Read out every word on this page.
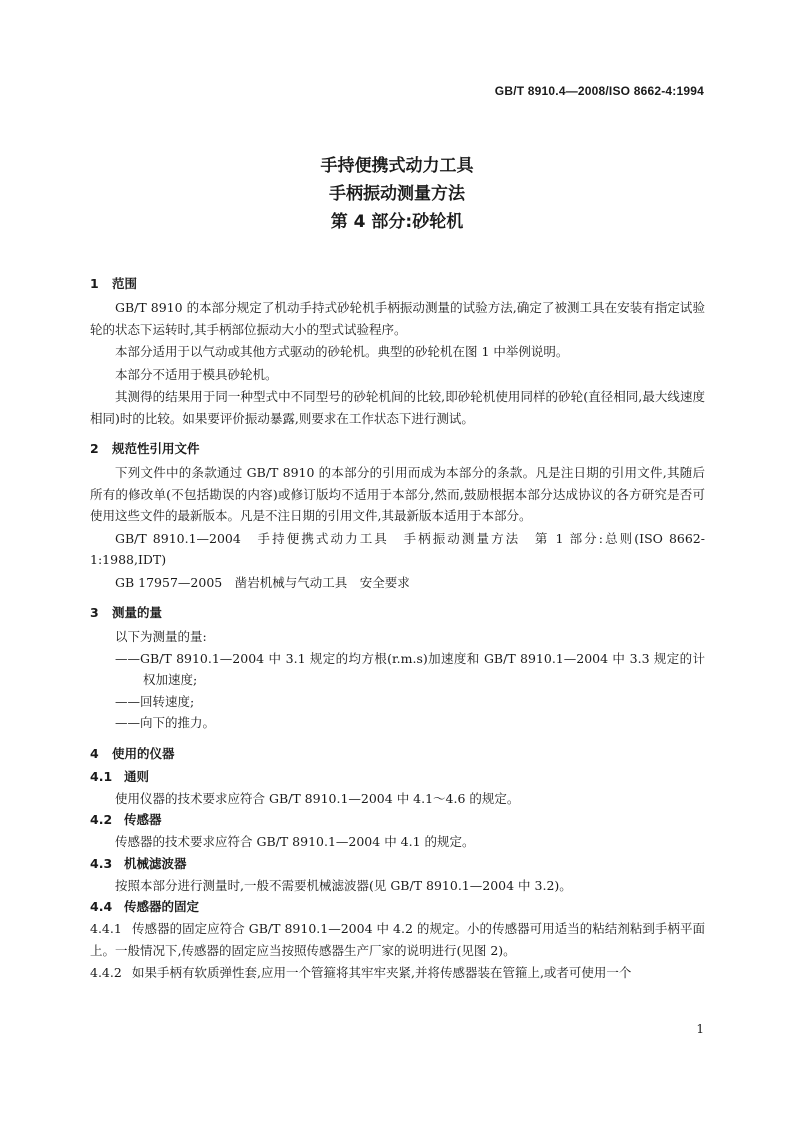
GB/T 8910.4—2008/ISO 8662-4:1994
手持便携式动力工具
手柄振动测量方法
第 4 部分:砂轮机
1 范围
GB/T 8910 的本部分规定了机动手持式砂轮机手柄振动测量的试验方法,确定了被测工具在安装有指定试验轮的状态下运转时,其手柄部位振动大小的型式试验程序。
本部分适用于以气动或其他方式驱动的砂轮机。典型的砂轮机在图 1 中举例说明。
本部分不适用于模具砂轮机。
其测得的结果用于同一种型式中不同型号的砂轮机间的比较,即砂轮机使用同样的砂轮(直径相同,最大线速度相同)时的比较。如果要评价振动暴露,则要求在工作状态下进行测试。
2 规范性引用文件
下列文件中的条款通过 GB/T 8910 的本部分的引用而成为本部分的条款。凡是注日期的引用文件,其随后所有的修改单(不包括勘误的内容)或修订版均不适用于本部分,然而,鼓励根据本部分达成协议的各方研究是否可使用这些文件的最新版本。凡是不注日期的引用文件,其最新版本适用于本部分。
GB/T 8910.1—2004　手持便携式动力工具　手柄振动测量方法　第 1 部分:总则(ISO 8662-1:1988,IDT)
GB 17957—2005　凿岩机械与气动工具　安全要求
3 测量的量
以下为测量的量:
——GB/T 8910.1—2004 中 3.1 规定的均方根(r.m.s)加速度和 GB/T 8910.1—2004 中 3.3 规定的计权加速度;
——回转速度;
——向下的推力。
4 使用的仪器
4.1 通则
使用仪器的技术要求应符合 GB/T 8910.1—2004 中 4.1～4.6 的规定。
4.2 传感器
传感器的技术要求应符合 GB/T 8910.1—2004 中 4.1 的规定。
4.3 机械滤波器
按照本部分进行测量时,一般不需要机械滤波器(见 GB/T 8910.1—2004 中 3.2)。
4.4 传感器的固定
4.4.1 传感器的固定应符合 GB/T 8910.1—2004 中 4.2 的规定。小的传感器可用适当的粘结剂粘到手柄平面上。一般情况下,传感器的固定应当按照传感器生产厂家的说明进行(见图 2)。
4.4.2 如果手柄有软质弹性套,应用一个管箍将其牢牢夹紧,并将传感器装在管箍上,或者可使用一个
1
